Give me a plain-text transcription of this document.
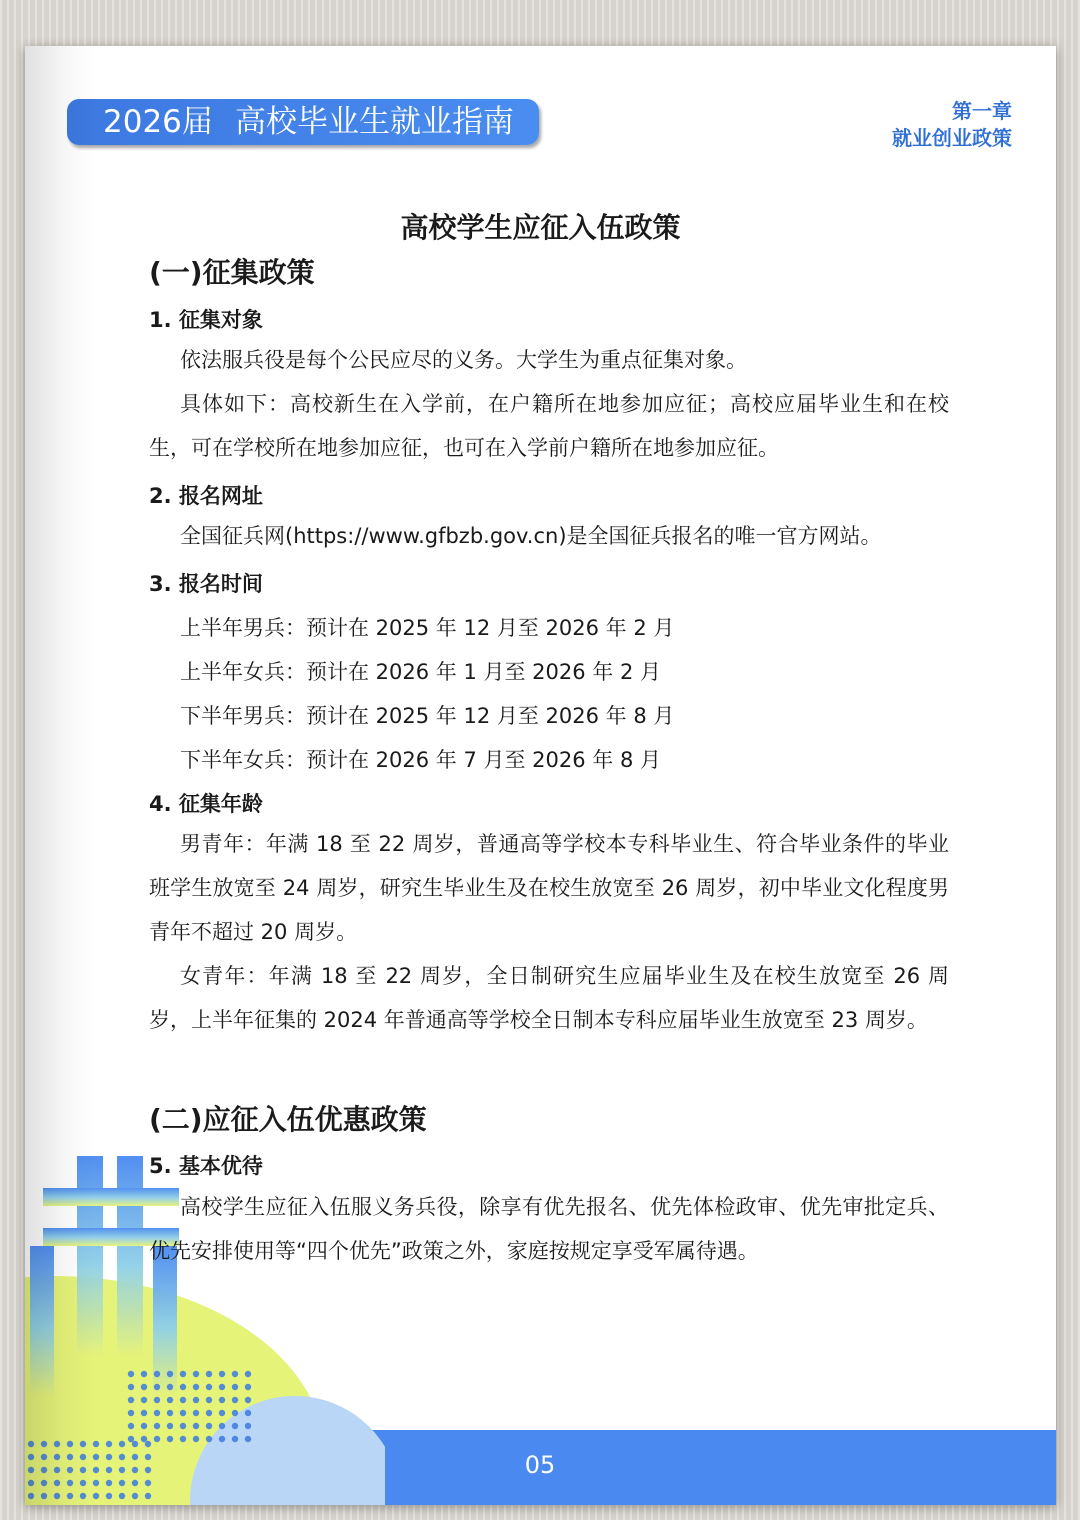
2026届 高校毕业生就业指南	第一章
就业创业政策
高校学生应征入伍政策
(一)征集政策
1. 征集对象
依法服兵役是每个公民应尽的义务。大学生为重点征集对象。
具体如下：高校新生在入学前，在户籍所在地参加应征；高校应届毕业生和在校生，可在学校所在地参加应征，也可在入学前户籍所在地参加应征。
2. 报名网址
全国征兵网(https://www.gfbzb.gov.cn)是全国征兵报名的唯一官方网站。
3. 报名时间
上半年男兵：预计在 2025 年 12 月至 2026 年 2 月
上半年女兵：预计在 2026 年 1 月至 2026 年 2 月
下半年男兵：预计在 2025 年 12 月至 2026 年 8 月
下半年女兵：预计在 2026 年 7 月至 2026 年 8 月
4. 征集年龄
男青年：年满 18 至 22 周岁，普通高等学校本专科毕业生、符合毕业条件的毕业班学生放宽至 24 周岁，研究生毕业生及在校生放宽至 26 周岁，初中毕业文化程度男青年不超过 20 周岁。
女青年：年满 18 至 22 周岁，全日制研究生应届毕业生及在校生放宽至 26 周岁，上半年征集的 2024 年普通高等学校全日制本专科应届毕业生放宽至 23 周岁。
(二)应征入伍优惠政策
5. 基本优待
高校学生应征入伍服义务兵役，除享有优先报名、优先体检政审、优先审批定兵、优先安排使用等“四个优先”政策之外，家庭按规定享受军属待遇。
05
